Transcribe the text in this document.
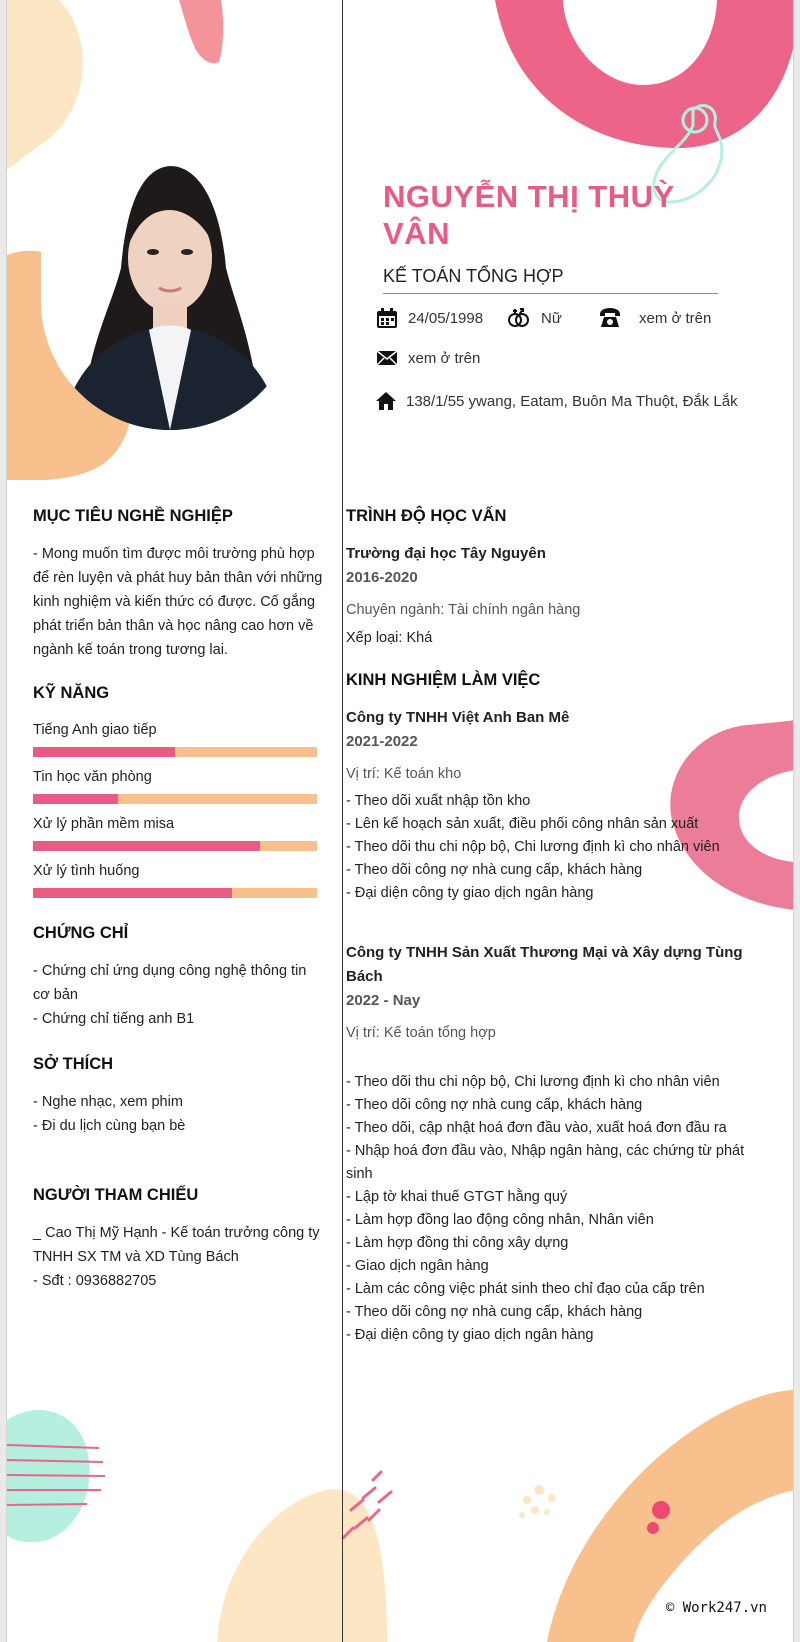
NGUYỄN THỊ THUỲ VÂN
KẾ TOÁN TỔNG HỢP
24/05/1998	Nữ	xem ở trên
xem ở trên
138/1/55 ywang, Eatam, Buôn Ma Thuột, Đắk Lắk
MỤC TIÊU NGHỀ NGHIỆP
- Mong muốn tìm được môi trường phù hợp
để rèn luyện và phát huy bản thân với những
kinh nghiệm và kiến thức có được. Cố gắng
phát triển bản thân và học nâng cao hơn về
ngành kế toán trong tương lai.
KỸ NĂNG
Tiếng Anh giao tiếp
Tin học văn phòng
Xử lý phần mềm misa
Xử lý tình huống
CHỨNG CHỈ
- Chứng chỉ ứng dụng công nghệ thông tin
cơ bản
- Chứng chỉ tiếng anh B1
SỞ THÍCH
- Nghe nhạc, xem phim
- Đi du lịch cùng bạn bè
NGƯỜI THAM CHIẾU
_ Cao Thị Mỹ Hạnh - Kế toán trưởng công ty
TNHH SX TM và XD Tùng Bách
- Sđt : 0936882705
TRÌNH ĐỘ HỌC VẤN
Trường đại học Tây Nguyên
2016-2020
Chuyên ngành: Tài chính ngân hàng
Xếp loại: Khá
KINH NGHIỆM LÀM VIỆC
Công ty TNHH Việt Anh Ban Mê
2021-2022
Vị trí: Kế toán kho
- Theo dõi xuất nhập tồn kho
- Lên kế hoạch sản xuất, điều phối công nhân sản xuất
- Theo dõi thu chi nộp bộ, Chi lương định kì cho nhân viên
- Theo dõi công nợ nhà cung cấp, khách hàng
- Đại diện công ty giao dịch ngân hàng
Công ty TNHH Sản Xuất Thương Mại và Xây dựng Tùng
Bách
2022 - Nay
Vị trí: Kế toán tổng hợp
- Theo dõi thu chi nộp bộ, Chi lương định kì cho nhân viên
- Theo dõi công nợ nhà cung cấp, khách hàng
- Theo dõi, cập nhật hoá đơn đầu vào, xuất hoá đơn đầu ra
- Nhập hoá đơn đầu vào, Nhập ngân hàng, các chứng từ phát
sinh
- Lập tờ khai thuế GTGT hằng quý
- Làm hợp đồng lao động công nhân, Nhân viên
- Làm hợp đồng thi công xây dựng
- Giao dịch ngân hàng
- Làm các công việc phát sinh theo chỉ đạo của cấp trên
- Theo dõi công nợ nhà cung cấp, khách hàng
- Đại diện công ty giao dịch ngân hàng
© Work247.vn
